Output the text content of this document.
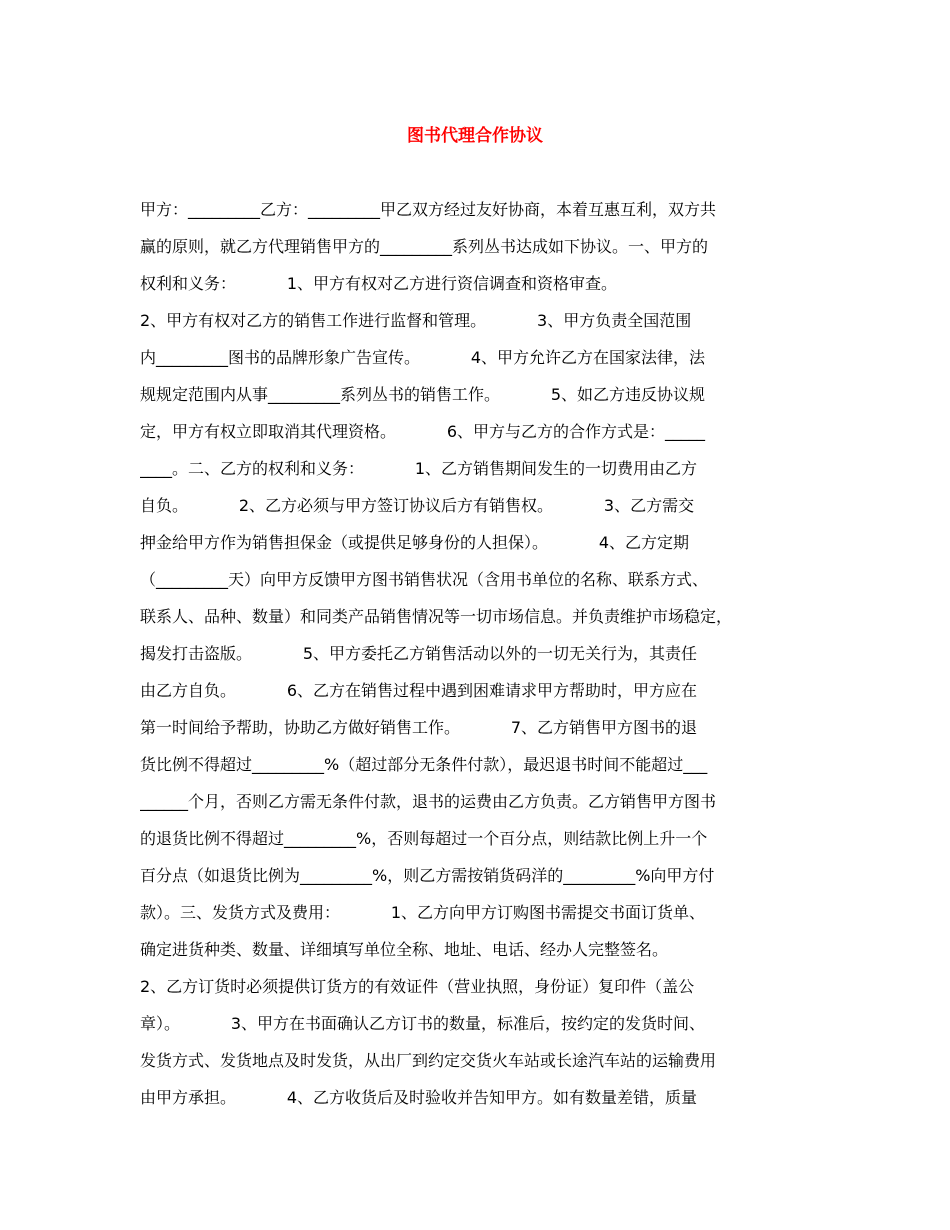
图书代理合作协议
甲方：_________乙方：_________甲乙双方经过友好协商，本着互惠互利，双方共
赢的原则，就乙方代理销售甲方的_________系列丛书达成如下协议。一、甲方的
权利和义务：          1、甲方有权对乙方进行资信调查和资格审查。
2、甲方有权对乙方的销售工作进行监督和管理。          3、甲方负责全国范围
内_________图书的品牌形象广告宣传。          4、甲方允许乙方在国家法律，法
规规定范围内从事_________系列丛书的销售工作。          5、如乙方违反协议规
定，甲方有权立即取消其代理资格。          6、甲方与乙方的合作方式是：_____
____。二、乙方的权利和义务：          1、乙方销售期间发生的一切费用由乙方
自负。          2、乙方必须与甲方签订协议后方有销售权。          3、乙方需交
押金给甲方作为销售担保金（或提供足够身份的人担保）。          4、乙方定期
（_________天）向甲方反馈甲方图书销售状况（含用书单位的名称、联系方式、
联系人、品种、数量）和同类产品销售情况等一切市场信息。并负责维护市场稳定，
揭发打击盗版。          5、甲方委托乙方销售活动以外的一切无关行为，其责任
由乙方自负。          6、乙方在销售过程中遇到困难请求甲方帮助时，甲方应在
第一时间给予帮助，协助乙方做好销售工作。          7、乙方销售甲方图书的退
货比例不得超过_________%（超过部分无条件付款），最迟退书时间不能超过___
______个月，否则乙方需无条件付款，退书的运费由乙方负责。乙方销售甲方图书
的退货比例不得超过_________%，否则每超过一个百分点，则结款比例上升一个
百分点（如退货比例为_________%，则乙方需按销货码洋的_________%向甲方付
款）。三、发货方式及费用：          1、乙方向甲方订购图书需提交书面订货单、
确定进货种类、数量、详细填写单位全称、地址、电话、经办人完整签名。
2、乙方订货时必须提供订货方的有效证件（营业执照，身份证）复印件（盖公
章）。          3、甲方在书面确认乙方订书的数量，标准后，按约定的发货时间、
发货方式、发货地点及时发货，从出厂到约定交货火车站或长途汽车站的运输费用
由甲方承担。          4、乙方收货后及时验收并告知甲方。如有数量差错，质量
